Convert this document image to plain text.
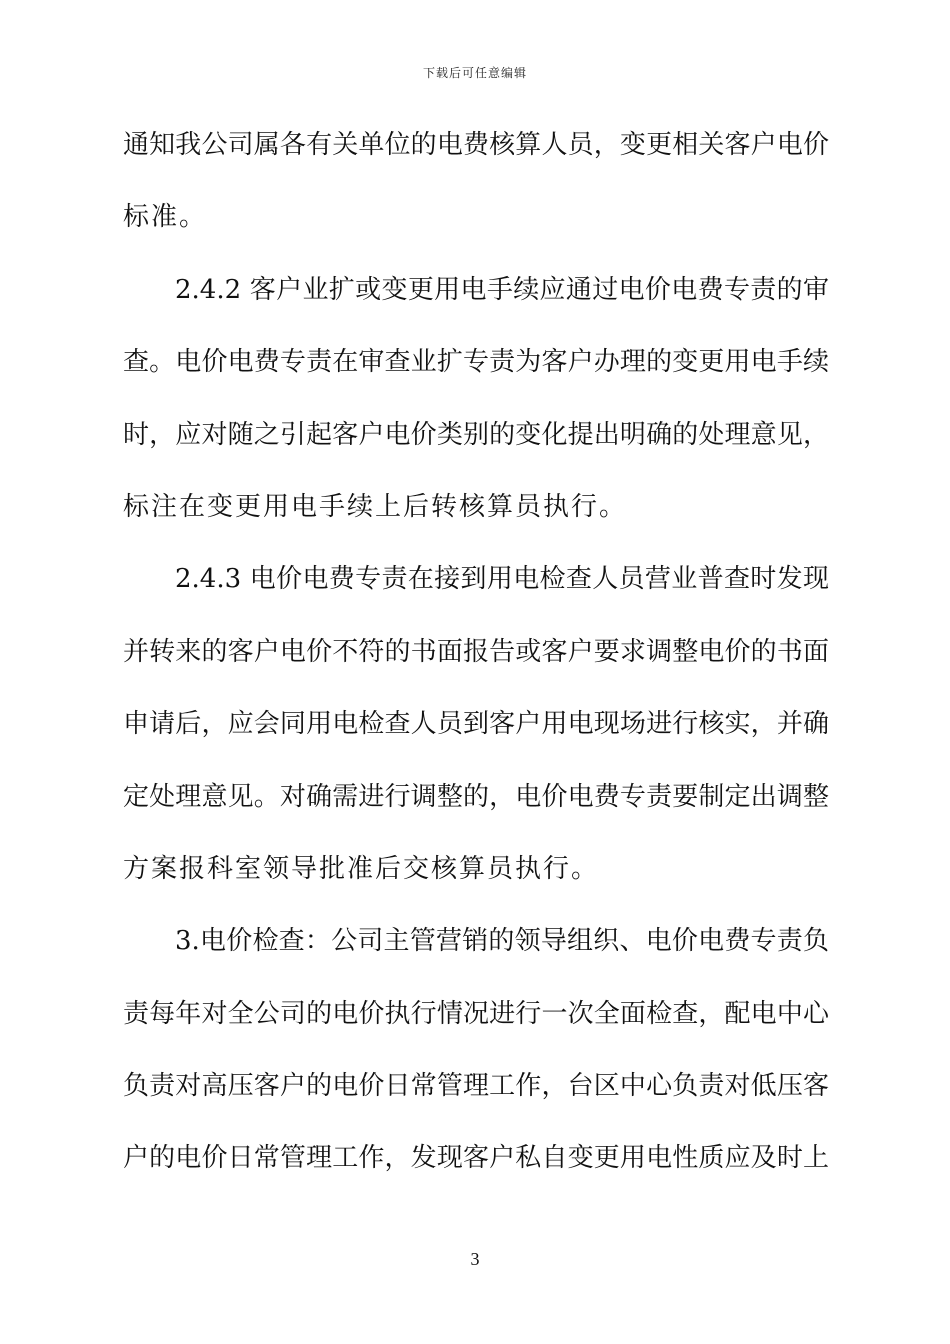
下载后可任意编辑
通知我公司属各有关单位的电费核算人员，变更相关客户电价
标准。
2.4.2 客户业扩或变更用电手续应通过电价电费专责的审
查。电价电费专责在审查业扩专责为客户办理的变更用电手续
时，应对随之引起客户电价类别的变化提出明确的处理意见，
标注在变更用电手续上后转核算员执行。
2.4.3 电价电费专责在接到用电检查人员营业普查时发现
并转来的客户电价不符的书面报告或客户要求调整电价的书面
申请后，应会同用电检查人员到客户用电现场进行核实，并确
定处理意见。对确需进行调整的，电价电费专责要制定出调整
方案报科室领导批准后交核算员执行。
3.电价检查：公司主管营销的领导组织、电价电费专责负
责每年对全公司的电价执行情况进行一次全面检查，配电中心
负责对高压客户的电价日常管理工作，台区中心负责对低压客
户的电价日常管理工作，发现客户私自变更用电性质应及时上
3
